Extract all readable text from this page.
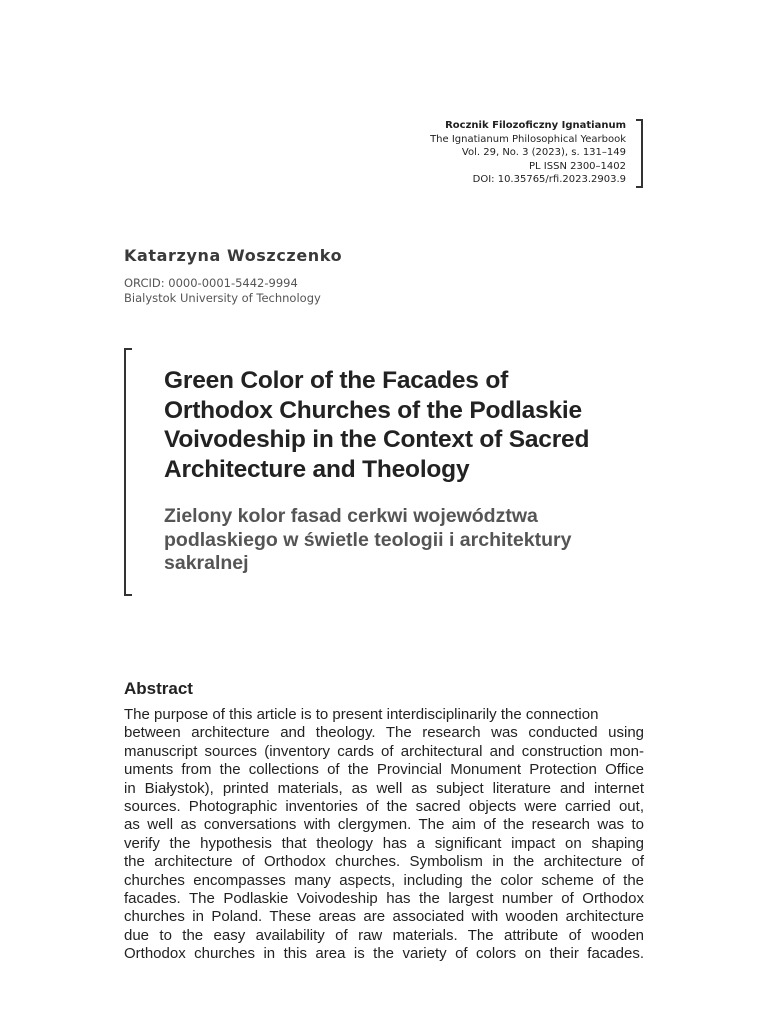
Rocznik Filozoficzny Ignatianum
The Ignatianum Philosophical Yearbook
Vol. 29, No. 3 (2023), s. 131–149
PL ISSN 2300–1402
DOI: 10.35765/rfi.2023.2903.9
Katarzyna Woszczenko
ORCID: 0000-0001-5442-9994
Bialystok University of Technology
Green Color of the Facades of
Orthodox Churches of the Podlaskie
Voivodeship in the Context of Sacred
Architecture and Theology
Zielony kolor fasad cerkwi województwa
podlaskiego w świetle teologii i architektury
sakralnej
Abstract
The purpose of this article is to present interdisciplinarily the connection
between architecture and theology. The research was conducted using
manuscript sources (inventory cards of architectural and construction mon-
uments from the collections of the Provincial Monument Protection Office
in Białystok), printed materials, as well as subject literature and internet
sources. Photographic inventories of the sacred objects were carried out,
as well as conversations with clergymen. The aim of the research was to
verify the hypothesis that theology has a significant impact on shaping
the architecture of Orthodox churches. Symbolism in the architecture of
churches encompasses many aspects, including the color scheme of the
facades. The Podlaskie Voivodeship has the largest number of Orthodox
churches in Poland. These areas are associated with wooden architecture
due to the easy availability of raw materials. The attribute of wooden
Orthodox churches in this area is the variety of colors on their facades.
